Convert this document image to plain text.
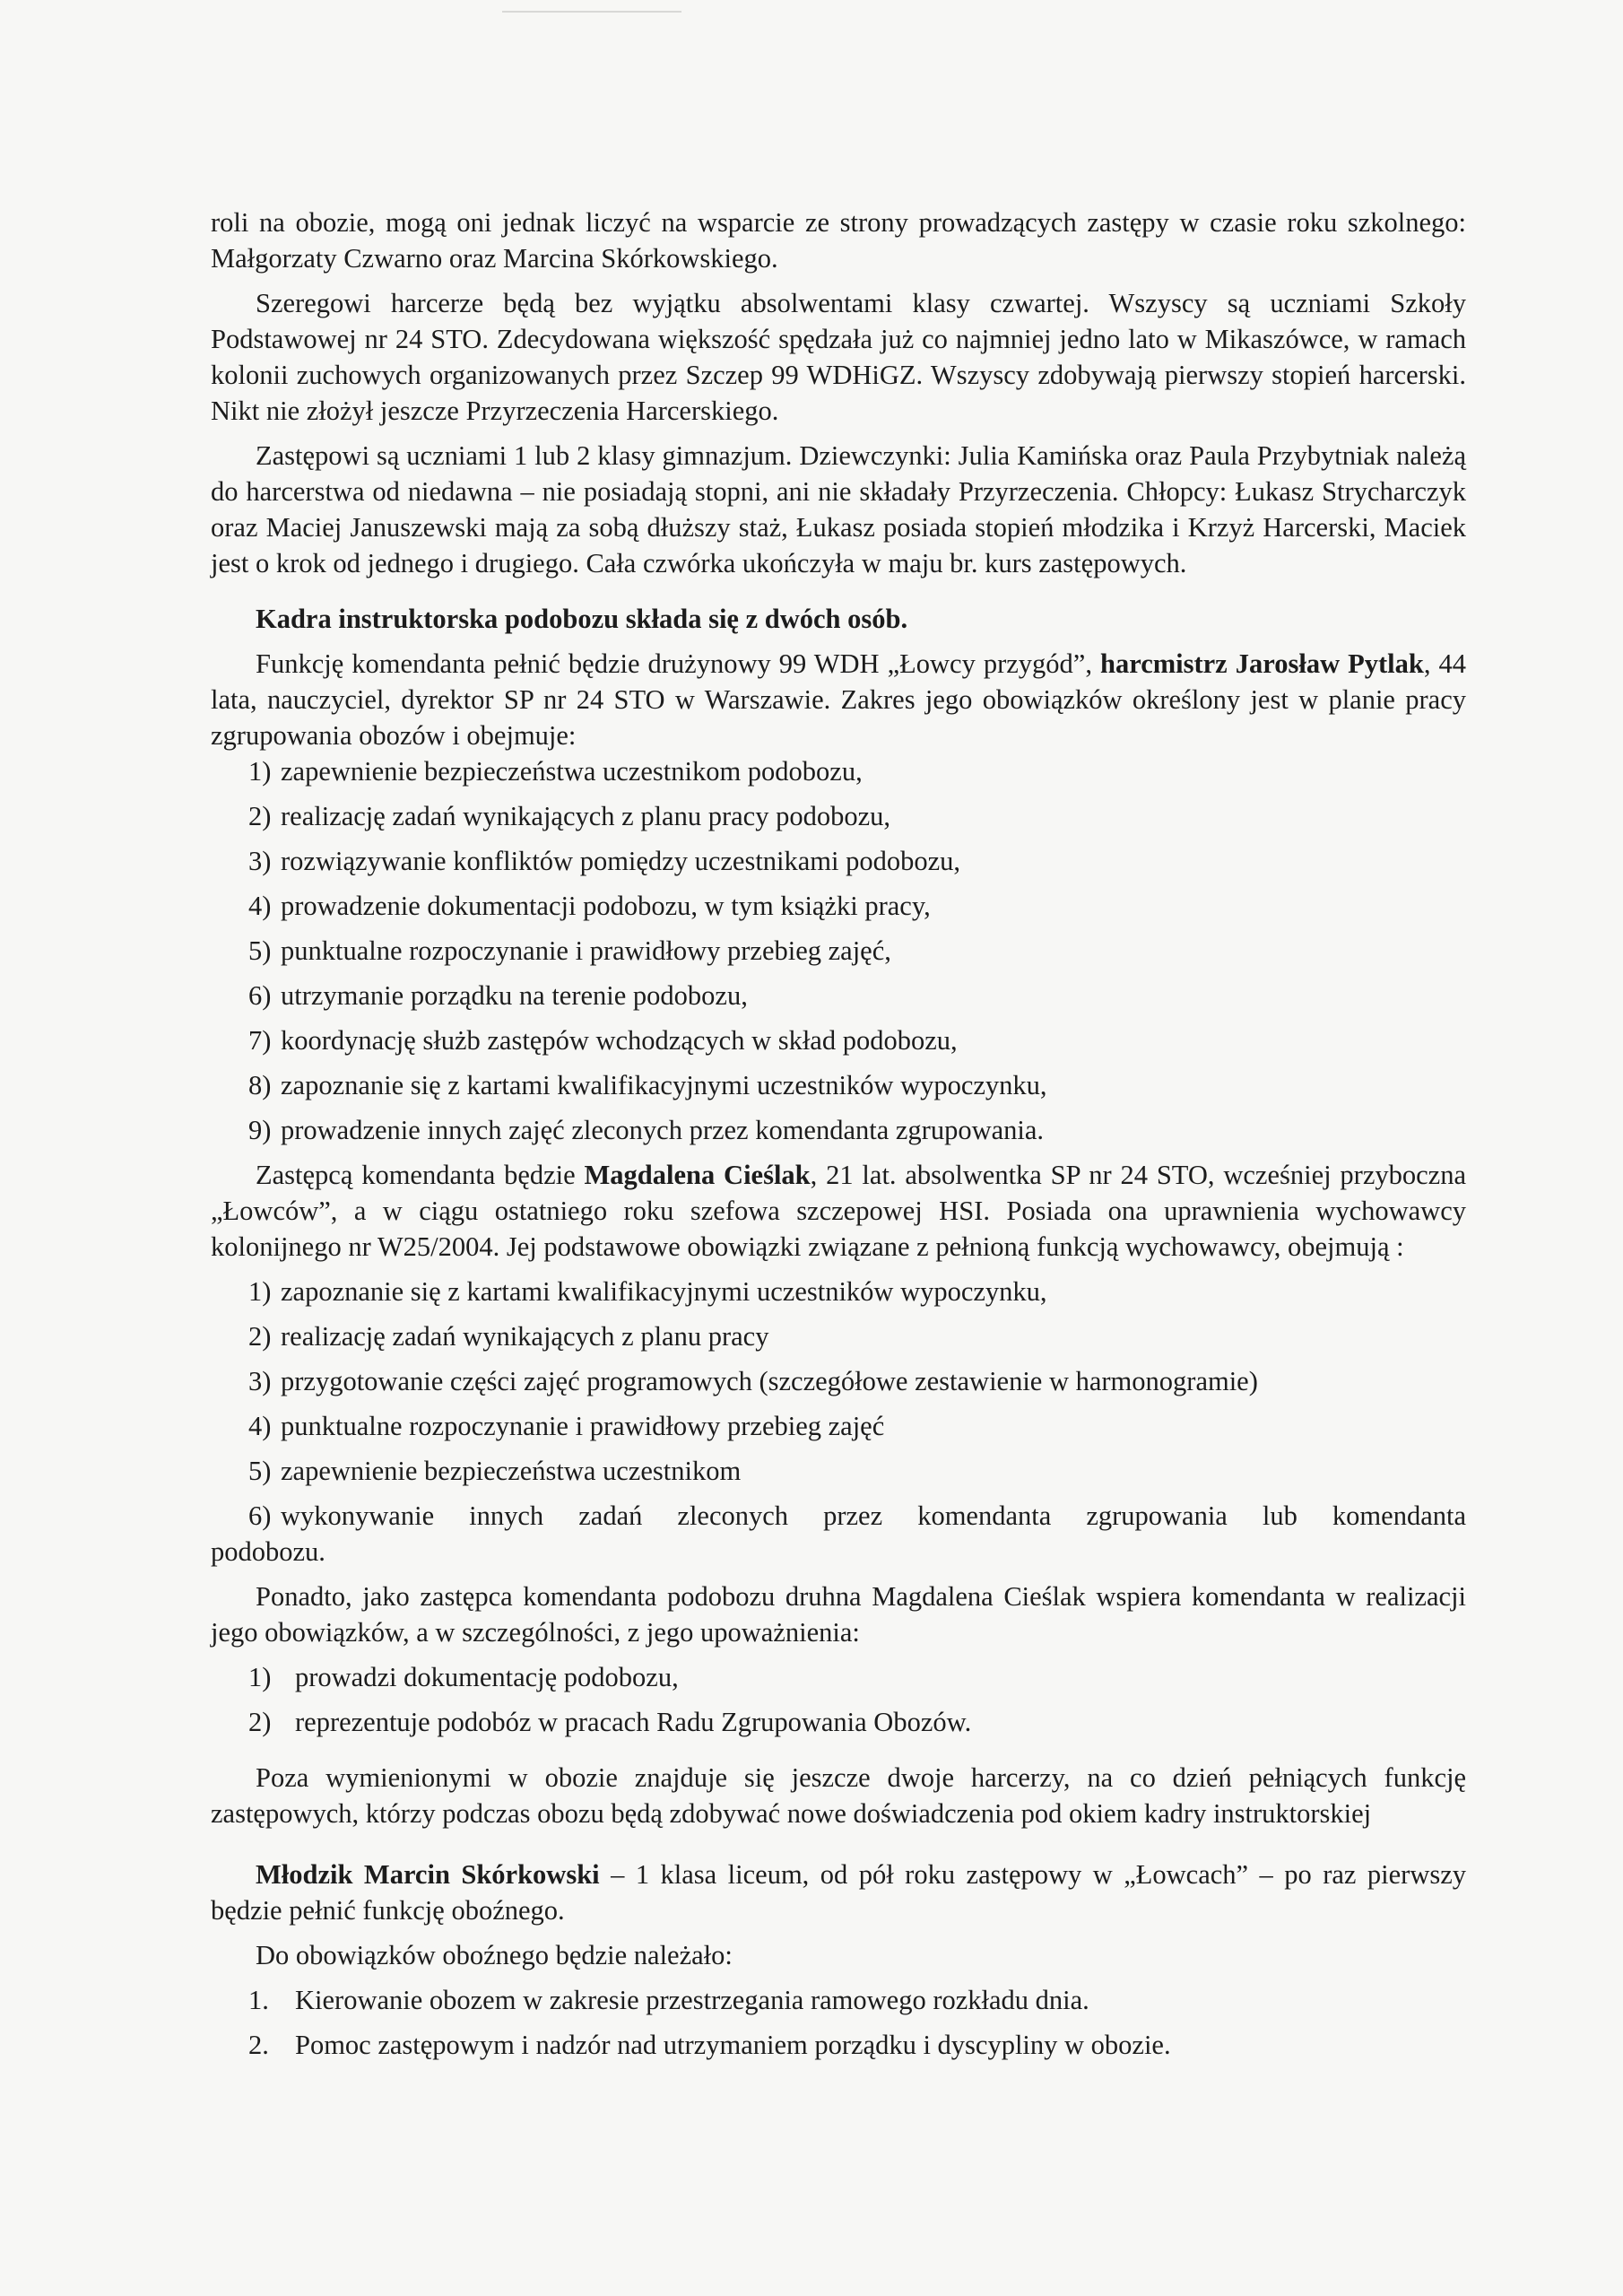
roli na obozie, mogą oni jednak liczyć na wsparcie ze strony prowadzących zastępy w czasie roku szkolnego: Małgorzaty Czwarno oraz Marcina Skórkowskiego.

Szeregowi harcerze będą bez wyjątku absolwentami klasy czwartej. Wszyscy są uczniami Szkoły Podstawowej nr 24 STO. Zdecydowana większość spędzała już co najmniej jedno lato w Mikaszówce, w ramach kolonii zuchowych organizowanych przez Szczep 99 WDHiGZ. Wszyscy zdobywają pierwszy stopień harcerski. Nikt nie złożył jeszcze Przyrzeczenia Harcerskiego.

Zastępowi są uczniami 1 lub 2 klasy gimnazjum. Dziewczynki: Julia Kamińska oraz Paula Przybytniak należą do harcerstwa od niedawna – nie posiadają stopni, ani nie składały Przyrzeczenia. Chłopcy: Łukasz Strycharczyk oraz Maciej Januszewski mają za sobą dłuższy staż, Łukasz posiada stopień młodzika i Krzyż Harcerski, Maciek jest o krok od jednego i drugiego. Cała czwórka ukończyła w maju br. kurs zastępowych.

Kadra instruktorska podobozu składa się z dwóch osób.

Funkcję komendanta pełnić będzie drużynowy 99 WDH „Łowcy przygód”, harcmistrz Jarosław Pytlak, 44 lata, nauczyciel, dyrektor SP nr 24 STO w Warszawie. Zakres jego obowiązków określony jest w planie pracy zgrupowania obozów i obejmuje:

1) zapewnienie bezpieczeństwa uczestnikom podobozu,
2) realizację zadań wynikających z planu pracy podobozu,
3) rozwiązywanie konfliktów pomiędzy uczestnikami podobozu,
4) prowadzenie dokumentacji podobozu, w tym książki pracy,
5) punktualne rozpoczynanie i prawidłowy przebieg zajęć,
6) utrzymanie porządku na terenie podobozu,
7) koordynację służb zastępów wchodzących w skład podobozu,
8) zapoznanie się z kartami kwalifikacyjnymi uczestników wypoczynku,
9) prowadzenie innych zajęć zleconych przez komendanta zgrupowania.

Zastępcą komendanta będzie Magdalena Cieślak, 21 lat. absolwentka SP nr 24 STO, wcześniej przyboczna „Łowców”, a w ciągu ostatniego roku szefowa szczepowej HSI. Posiada ona uprawnienia wychowawcy kolonijnego nr W25/2004. Jej podstawowe obowiązki związane z pełnioną funkcją wychowawcy, obejmują :

1) zapoznanie się z kartami kwalifikacyjnymi uczestników wypoczynku,
2) realizację zadań wynikających z planu pracy
3) przygotowanie części zajęć programowych (szczegółowe zestawienie w harmonogramie)
4) punktualne rozpoczynanie i prawidłowy przebieg zajęć
5) zapewnienie bezpieczeństwa uczestnikom
6) wykonywanie innych zadań zleconych przez komendanta zgrupowania lub komendanta podobozu.

Ponadto, jako zastępca komendanta podobozu druhna Magdalena Cieślak wspiera komendanta w realizacji jego obowiązków, a w szczególności, z jego upoważnienia:

1) prowadzi dokumentację podobozu,
2) reprezentuje podobóz w pracach Radu Zgrupowania Obozów.

Poza wymienionymi w obozie znajduje się jeszcze dwoje harcerzy, na co dzień pełniących funkcję zastępowych, którzy podczas obozu będą zdobywać nowe doświadczenia pod okiem kadry instruktorskiej

Młodzik Marcin Skórkowski – 1 klasa liceum, od pół roku zastępowy w „Łowcach” – po raz pierwszy będzie pełnić funkcję oboźnego.

Do obowiązków oboźnego będzie należało:

1. Kierowanie obozem w zakresie przestrzegania ramowego rozkładu dnia.
2. Pomoc zastępowym i nadzór nad utrzymaniem porządku i dyscypliny w obozie.
